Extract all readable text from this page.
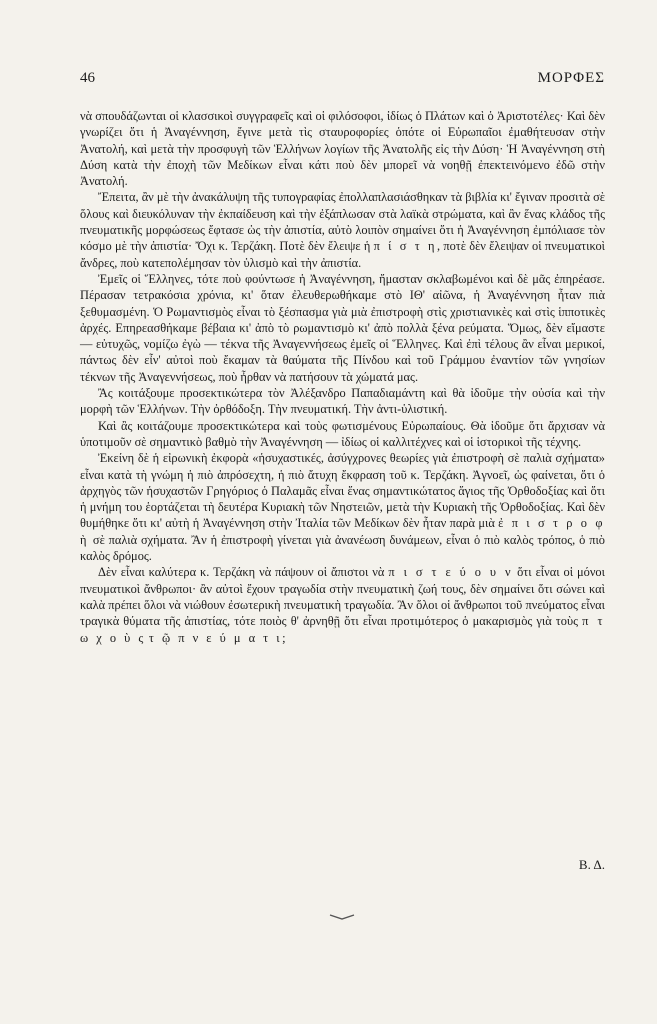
46	ΜΟΡΦΕΣ

νὰ σπουδάζωνται οἱ κλασσικοὶ συγγραφεῖς καὶ οἱ φιλόσοφοι, ἰδίως ὁ Πλάτων καὶ ὁ Ἀριστοτέλες· Καὶ δὲν γνωρίζει ὅτι ἡ Ἀναγέννηση, ἔγινε μετὰ τὶς σταυροφορίες ὁπότε οἱ Εὐρωπαῖοι ἐμαθήτευσαν στὴν Ἀνατολή, καὶ μετὰ τὴν προσφυγὴ τῶν Ἑλλήνων λογίων τῆς Ἀνατολῆς εἰς τὴν Δύση· Ἡ Ἀναγέννηση στὴ Δύση κατὰ τὴν ἐποχὴ τῶν Μεδίκων εἶναι κάτι ποὺ δὲν μπορεῖ νὰ νοηθῇ ἐπεκτεινόμενο ἐδῶ στὴν Ἀνατολή.

Ἔπειτα, ἂν μὲ τὴν ἀνακάλυψη τῆς τυπογραφίας ἐπολλαπλασιάσθηκαν τὰ βιβλία κι' ἔγιναν προσιτὰ σὲ ὅλους καὶ διευκόλυναν τὴν ἐκπαίδευση καὶ τὴν ἐξάπλωσαν στὰ λαϊκὰ στρώματα, καὶ ἂν ἕνας κλάδος τῆς πνευματικῆς μορφώσεως ἔφτασε ὡς τὴν ἀπιστία, αὐτὸ λοιπὸν σημαίνει ὅτι ἡ Ἀναγέννηση ἐμπόλιασε τὸν κόσμο μὲ τὴν ἀπιστία· Ὄχι κ. Τερζάκη. Ποτὲ δὲν ἔλειψε ἡ π ί σ τ η, ποτὲ δὲν ἔλειψαν οἱ πνευματικοὶ ἄνδρες, ποὺ κατεπολέμησαν τὸν ὑλισμὸ καὶ τὴν ἀπιστία.

Ἐμεῖς οἱ Ἕλληνες, τότε ποὺ φούντωσε ἡ Ἀναγέννηση, ἤμασταν σκλαβωμένοι καὶ δὲ μᾶς ἐπηρέασε. Πέρασαν τετρακόσια χρόνια, κι' ὅταν ἐλευθερωθήκαμε στὸ ΙΘ' αἰῶνα, ἡ Ἀναγέννηση ἦταν πιὰ ξεθυμασμένη. Ὁ Ρωμαντισμὸς εἶναι τὸ ξέσπασμα γιὰ μιὰ ἐπιστροφὴ στὶς χριστιανικὲς καὶ στὶς ἱπποτικὲς ἀρχές. Επηρεασθήκαμε βέβαια κι' ἀπὸ τὸ ρωμαντισμὸ κι' ἀπὸ πολλὰ ξένα ρεύματα. Ὅμως, δὲν εἴμαστε — εὐτυχῶς, νομίζω ἐγὼ — τέκνα τῆς Ἀναγεννήσεως ἐμεῖς οἱ Ἕλληνες. Καὶ ἐπὶ τέλους ἂν εἶναι μερικοί, πάντως δὲν εἶν' αὐτοὶ ποὺ ἔκαμαν τὰ θαύματα τῆς Πίνδου καὶ τοῦ Γράμμου ἐναντίον τῶν γνησίων τέκνων τῆς Ἀναγεννήσεως, ποὺ ἦρθαν νὰ πατήσουν τὰ χώματά μας.

Ἂς κοιτάξουμε προσεκτικώτερα τὸν Ἀλέξανδρο Παπαδιαμάντη καὶ θὰ ἰδοῦμε τὴν οὐσία καὶ τὴν μορφὴ τῶν Ἑλλήνων. Τὴν ὀρθόδοξη. Τὴν πνευματική. Τὴν ἀντι-ὑλιστική.

Καὶ ἂς κοιτάζουμε προσεκτικώτερα καὶ τοὺς φωτισμένους Εὐρωπαίους. Θὰ ἰδοῦμε ὅτι ἄρχισαν νὰ ὑποτιμοῦν σὲ σημαντικὸ βαθμὸ τὴν Ἀναγέννηση — ἰδίως οἱ καλλιτέχνες καὶ οἱ ἱστορικοὶ τῆς τέχνης.

Ἐκείνη δὲ ἡ εἰρωνικὴ ἐκφορὰ «ἡσυχαστικές, ἀσύγχρονες θεωρίες γιὰ ἐπιστροφὴ σὲ παλιὰ σχήματα» εἶναι κατὰ τὴ γνώμη ἡ πιὸ ἀπρόσεχτη, ἡ πιὸ ἄτυχη ἔκφραση τοῦ κ. Τερζάκη. Ἀγνοεῖ, ὡς φαίνεται, ὅτι ὁ ἀρχηγὸς τῶν ἡσυχαστῶν Γρηγόριος ὁ Παλαμᾶς εἶναι ἕνας σημαντικώτατος ἅγιος τῆς Ὀρθοδοξίας καὶ ὅτι ἡ μνήμη του ἑορτάζεται τὴ δευτέρα Κυριακὴ τῶν Νηστειῶν, μετὰ τὴν Κυριακὴ τῆς Ὀρθοδοξίας. Καὶ δὲν θυμήθηκε ὅτι κι' αὐτὴ ἡ Ἀναγέννηση στὴν Ἰταλία τῶν Μεδίκων δὲν ἦταν παρὰ μιὰ ἐ π ι σ τ ρ ο φ ὴ σὲ παλιὰ σχήματα. Ἂν ἡ ἐπιστροφὴ γίνεται γιὰ ἀνανέωση δυνάμεων, εἶναι ὁ πιὸ καλὸς τρόπος, ὁ πιὸ καλὸς δρόμος.

Δὲν εἶναι καλύτερα κ. Τερζάκη νὰ πάψουν οἱ ἄπιστοι νὰ π ι σ τ ε ύ ο υ ν ὅτι εἶναι οἱ μόνοι πνευματικοὶ ἄνθρωποι· ἂν αὐτοὶ ἔχουν τραγωδία στὴν πνευματικὴ ζωή τους, δὲν σημαίνει ὅτι σώνει καὶ καλὰ πρέπει ὅλοι νὰ νιώθουν ἐσωτερικὴ πνευματικὴ τραγωδία. Ἂν ὅλοι οἱ ἄνθρωποι τοῦ πνεύματος εἶναι τραγικὰ θύματα τῆς ἀπιστίας, τότε ποιὸς θ' ἀρνηθῇ ὅτι εἶναι προτιμότερος ὁ μακαρισμὸς γιὰ τοὺς π τ ω χ ο ὺ ς τ ῷ π ν ε ύ μ α τ ι;

Β. Δ.
